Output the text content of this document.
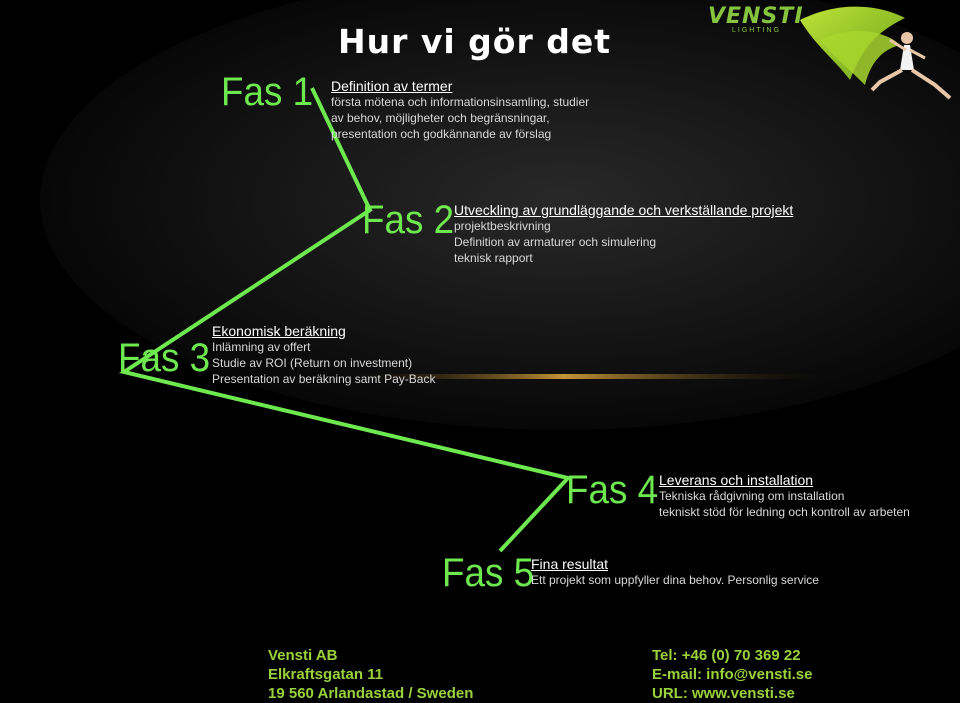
Hur vi gör det
VENSTI
LIGHTING
Fas 1 Definition av termer
första mötena och informationsinsamling, studier
av behov, möjligheter och begränsningar,
presentation och godkännande av förslag
Fas 2 Utveckling av grundläggande och verkställande projekt
projektbeskrivning
Definition av armaturer och simulering
teknisk rapport
Fas 3
Ekonomisk beräkning
Inlämning av offert
Studie av ROI (Return on investment)
Presentation av beräkning samt Pay-Back
Fas 4 Leverans och installation
Tekniska rådgivning om installation
tekniskt stöd för ledning och kontroll av arbeten
Fas 5
Fina resultat
Ett projekt som uppfyller dina behov. Personlig service
Vensti AB
Elkraftsgatan 11
19 560 Arlandastad / Sweden
Tel: +46 (0) 70 369 22
E-mail: info@vensti.se
URL: www.vensti.se
